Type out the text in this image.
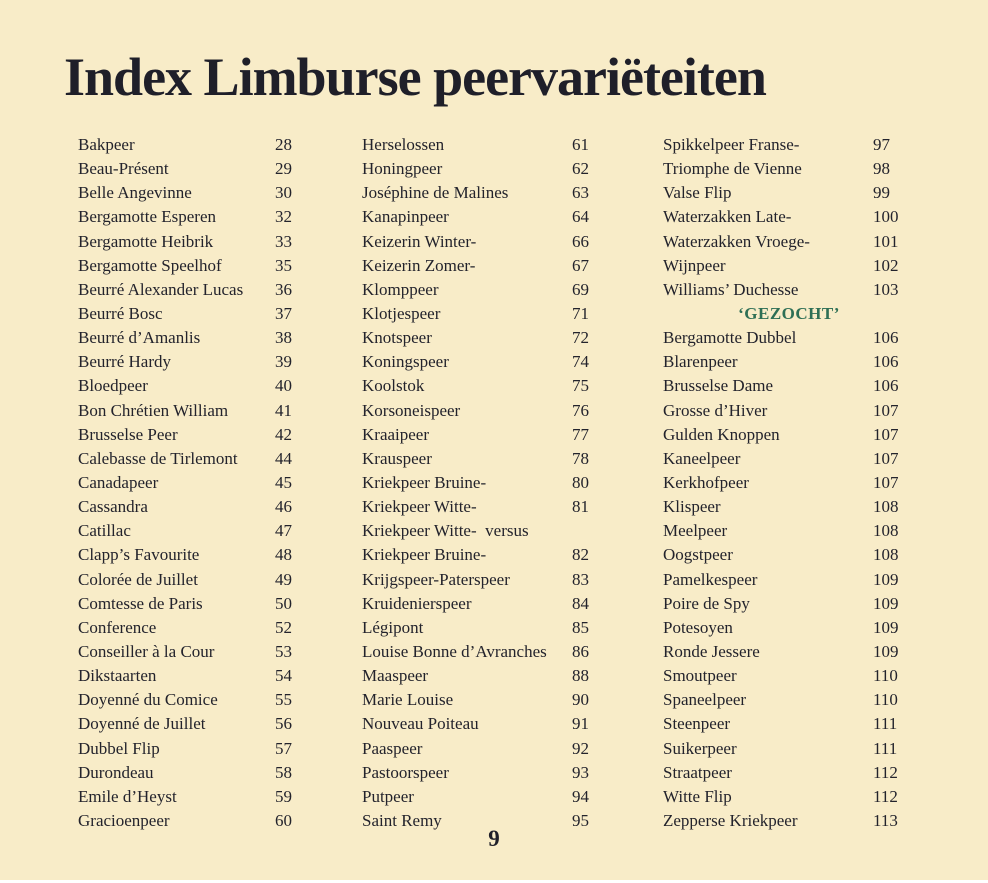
Index Limburse peervariëteiten
Bakpeer	28
Beau-Présent	29
Belle Angevinne	30
Bergamotte Esperen	32
Bergamotte Heibrik	33
Bergamotte Speelhof	35
Beurré Alexander Lucas 36
Beurré Bosc	37
Beurré d’Amanlis	38
Beurré Hardy	39
Bloedpeer	40
Bon Chrétien William	41
Brusselse Peer	42
Calebasse de Tirlemont 44
Canadapeer	45
Cassandra	46
Catillac	47
Clapp’s Favourite	48
Colorée de Juillet	49
Comtesse de Paris	50
Conference	52
Conseiller à la Cour	53
Dikstaarten	54
Doyenné du Comice	55
Doyenné de Juillet	56
Dubbel Flip	57
Durondeau	58
Emile d’Heyst	59
Gracioenpeer	60
Herselossen	61
Honingpeer	62
Joséphine de Malines	63
Kanapinpeer	64
Keizerin Winter-	66
Keizerin Zomer-	67
Klomppeer	69
Klotjespeer	71
Knotspeer	72
Koningspeer	74
Koolstok	75
Korsoneispeer	76
Kraaipeer	77
Krauspeer	78
Kriekpeer Bruine-	80
Kriekpeer Witte-	81
Kriekpeer Witte-  versus
Kriekpeer Bruine-	82
Krijgspeer-Paterspeer	83
Kruidenierspeer	84
Légipont	85
Louise Bonne d’Avranches 86
Maaspeer	88
Marie Louise	90
Nouveau Poiteau	91
Paaspeer	92
Pastoorspeer	93
Putpeer	94
Saint Remy	95
Spikkelpeer Franse-	97
Triomphe de Vienne	98
Valse Flip	99
Waterzakken Late-	100
Waterzakken Vroege-	101
Wijnpeer	102
Williams’ Duchesse	103
‘GEZOCHT’
Bergamotte Dubbel	106
Blarenpeer	106
Brusselse Dame	106
Grosse d’Hiver	107
Gulden Knoppen	107
Kaneelpeer	107
Kerkhofpeer	107
Klispeer	108
Meelpeer	108
Oogstpeer	108
Pamelkespeer	109
Poire de Spy	109
Potesoyen	109
Ronde Jessere	109
Smoutpeer	110
Spaneelpeer	110
Steenpeer	111
Suikerpeer	111
Straatpeer	112
Witte Flip	112
Zepperse Kriekpeer	113
9
